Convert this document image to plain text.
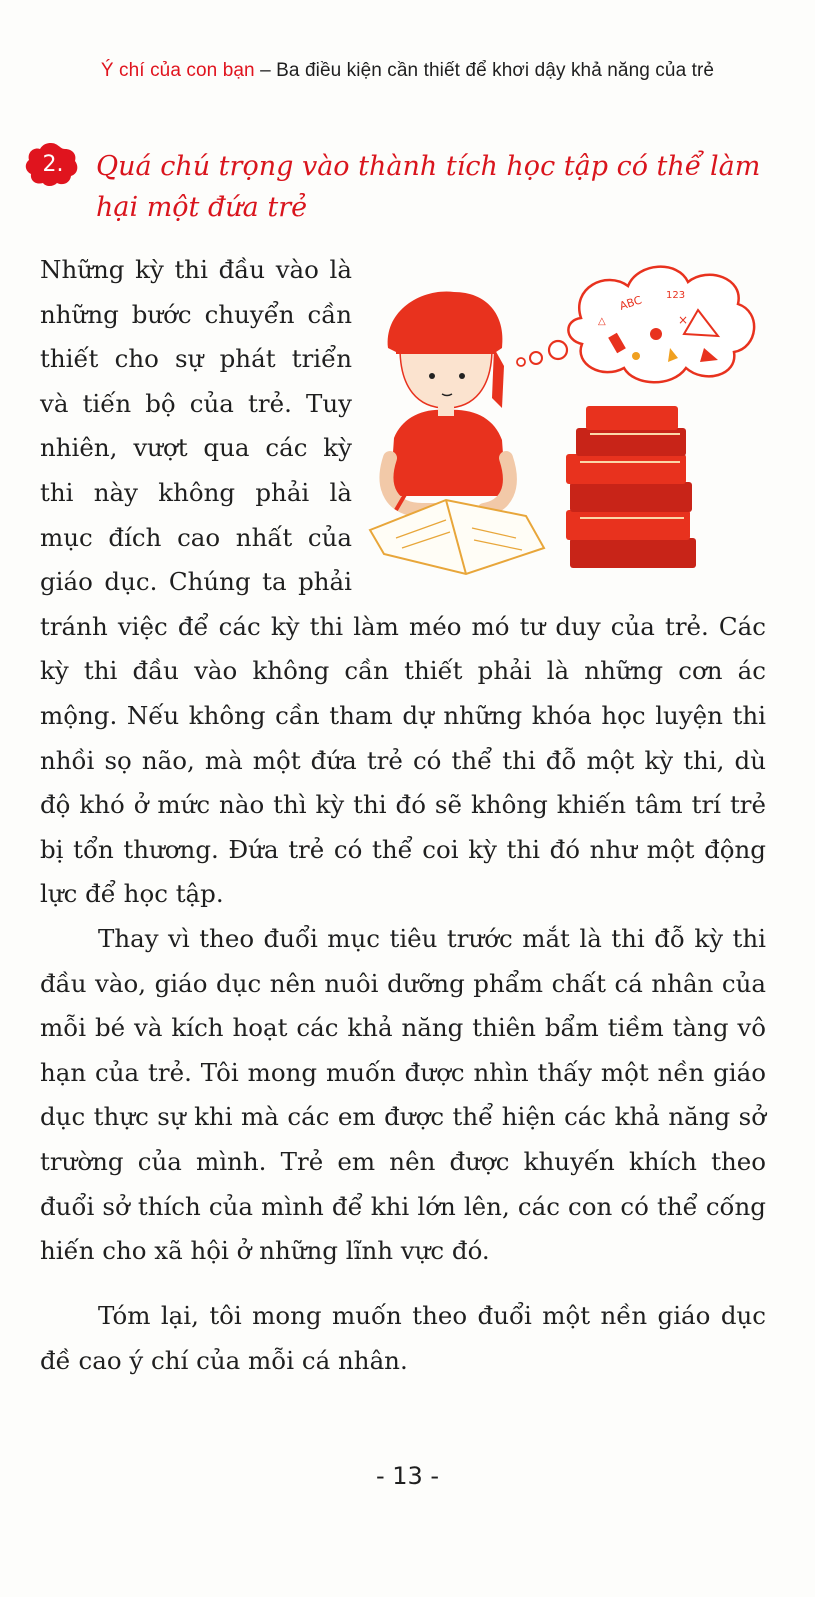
Ý chí của con bạn – Ba điều kiện cần thiết để khơi dậy khả năng của trẻ
2.	Quá chú trọng vào thành tích học tập có thể làm hại một đứa trẻ
ABC 123
×
△

Những kỳ thi đầu vào là những bước chuyển cần thiết cho sự phát triển và tiến bộ của trẻ. Tuy nhiên, vượt qua các kỳ thi này không phải là mục đích cao nhất của giáo dục. Chúng ta phải tránh việc để các kỳ thi làm méo mó tư duy của trẻ. Các kỳ thi đầu vào không cần thiết phải là những cơn ác mộng. Nếu không cần tham dự những khóa học luyện thi nhồi sọ não, mà một đứa trẻ có thể thi đỗ một kỳ thi, dù độ khó ở mức nào thì kỳ thi đó sẽ không khiến tâm trí trẻ bị tổn thương. Đứa trẻ có thể coi kỳ thi đó như một động lực để học tập.

Thay vì theo đuổi mục tiêu trước mắt là thi đỗ kỳ thi đầu vào, giáo dục nên nuôi dưỡng phẩm chất cá nhân của mỗi bé và kích hoạt các khả năng thiên bẩm tiềm tàng vô hạn của trẻ. Tôi mong muốn được nhìn thấy một nền giáo dục thực sự khi mà các em được thể hiện các khả năng sở trường của mình. Trẻ em nên được khuyến khích theo đuổi sở thích của mình để khi lớn lên, các con có thể cống hiến cho xã hội ở những lĩnh vực đó.

Tóm lại, tôi mong muốn theo đuổi một nền giáo dục đề cao ý chí của mỗi cá nhân.

- 13 -
